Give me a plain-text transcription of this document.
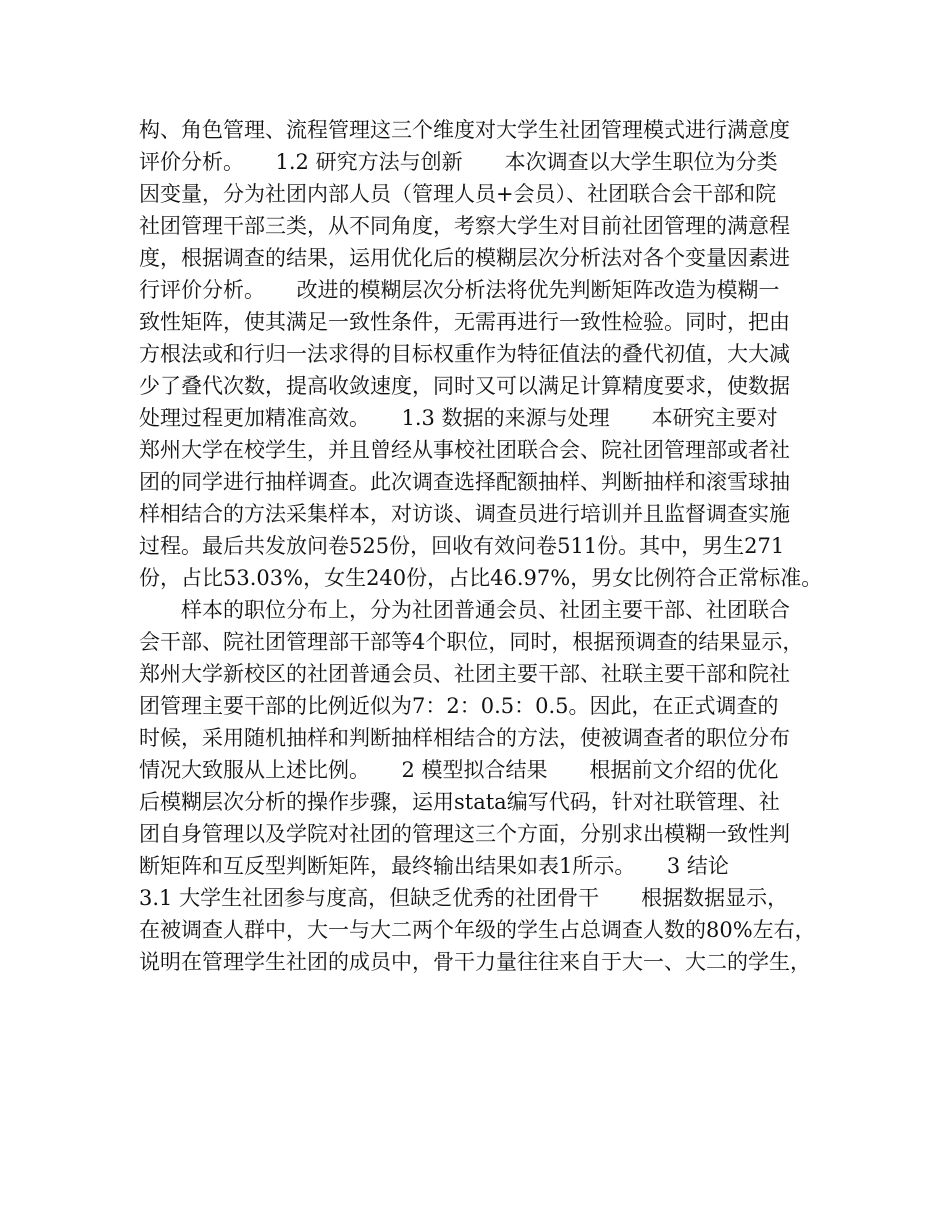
构、角色管理、流程管理这三个维度对大学生社团管理模式进行满意度
评价分析。　　1.2 研究方法与创新　　本次调查以大学生职位为分类
因变量，分为社团内部人员（管理人员+会员）、社团联合会干部和院
社团管理干部三类，从不同角度，考察大学生对目前社团管理的满意程
度，根据调查的结果，运用优化后的模糊层次分析法对各个变量因素进
行评价分析。　　改进的模糊层次分析法将优先判断矩阵改造为模糊一
致性矩阵，使其满足一致性条件，无需再进行一致性检验。同时，把由
方根法或和行归一法求得的目标权重作为特征值法的叠代初值，大大减
少了叠代次数，提高收敛速度，同时又可以满足计算精度要求，使数据
处理过程更加精准高效。　　1.3 数据的来源与处理　　本研究主要对
郑州大学在校学生，并且曾经从事校社团联合会、院社团管理部或者社
团的同学进行抽样调查。此次调查选择配额抽样、判断抽样和滚雪球抽
样相结合的方法采集样本，对访谈、调查员进行培训并且监督调查实施
过程。最后共发放问卷525份，回收有效问卷511份。其中，男生271
份，占比53.03%，女生240份，占比46.97%，男女比例符合正常标准。
样本的职位分布上，分为社团普通会员、社团主要干部、社团联合
会干部、院社团管理部干部等4个职位，同时，根据预调查的结果显示，
郑州大学新校区的社团普通会员、社团主要干部、社联主要干部和院社
团管理主要干部的比例近似为7：2：0.5：0.5。因此，在正式调查的
时候，采用随机抽样和判断抽样相结合的方法，使被调查者的职位分布
情况大致服从上述比例。　　2 模型拟合结果　　根据前文介绍的优化
后模糊层次分析的操作步骤，运用stata编写代码，针对社联管理、社
团自身管理以及学院对社团的管理这三个方面，分别求出模糊一致性判
断矩阵和互反型判断矩阵，最终输出结果如表1所示。　　3 结论
3.1 大学生社团参与度高，但缺乏优秀的社团骨干　　根据数据显示，
在被调查人群中，大一与大二两个年级的学生占总调查人数的80%左右，
说明在管理学生社团的成员中，骨干力量往往来自于大一、大二的学生，
